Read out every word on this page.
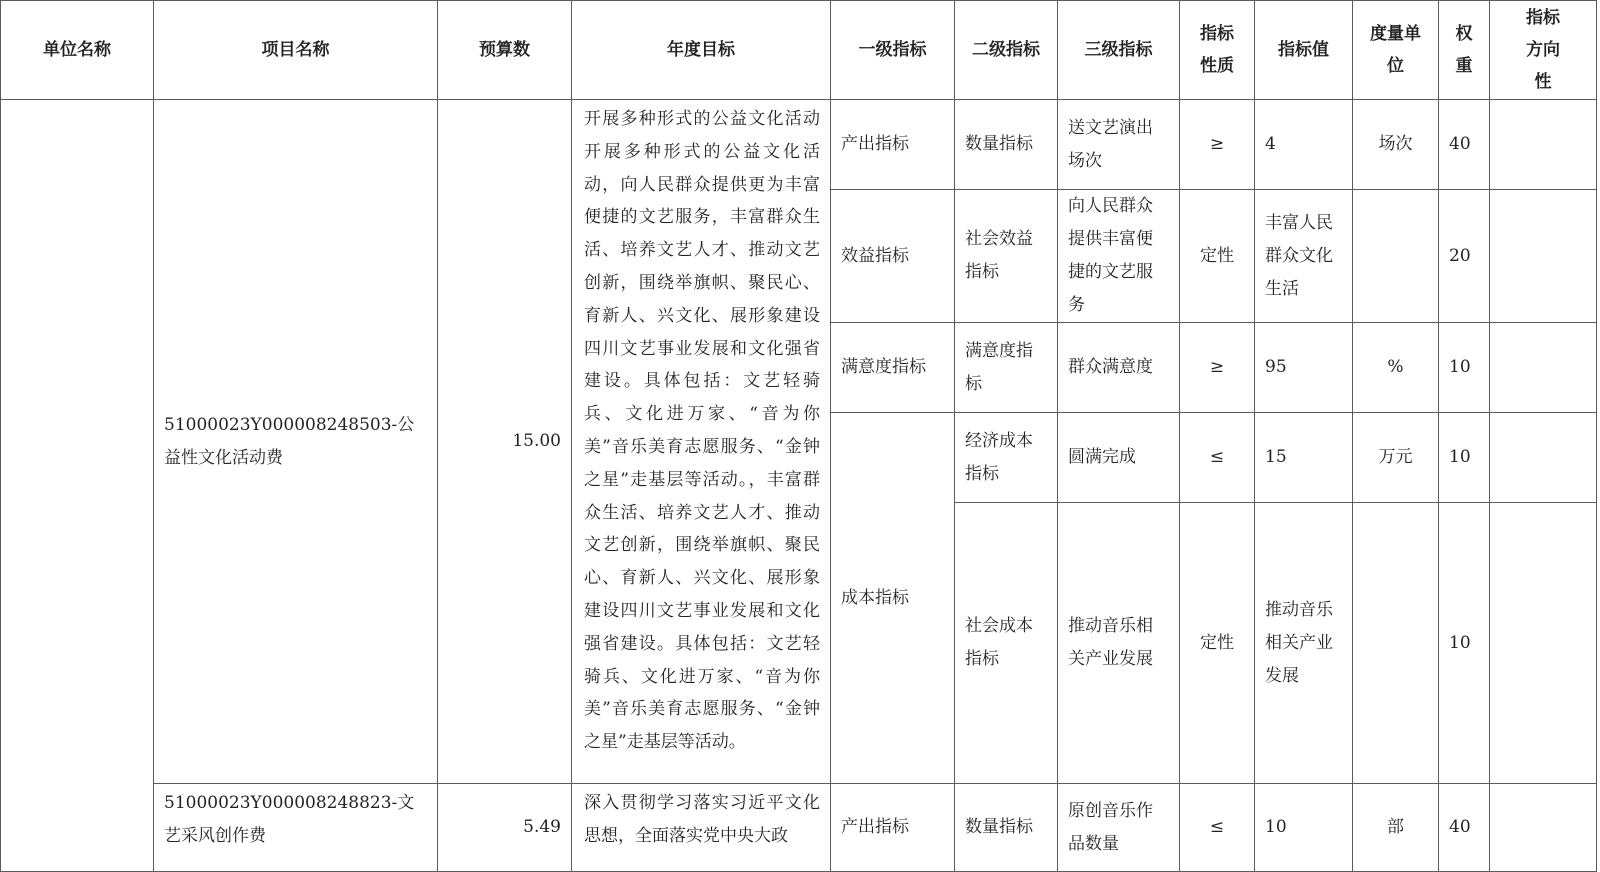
单位名称	项目名称	预算数	年度目标	一级指标	二级指标	三级指标	指标性质	指标值	度量单位	权重	指标方向性
	51000023Y000008248503-公益性文化活动费	15.00	开展多种形式的公益文化活动开展多种形式的公益文化活动，向人民群众提供更为丰富便捷的文艺服务，丰富群众生活、培养文艺人才、推动文艺创新，围绕举旗帜、聚民心、育新人、兴文化、展形象建设四川文艺事业发展和文化强省建设。具体包括：文艺轻骑兵、文化进万家、“音为你美”音乐美育志愿服务、“金钟之星”走基层等活动。，丰富群众生活、培养文艺人才、推动文艺创新，围绕举旗帜、聚民心、育新人、兴文化、展形象建设四川文艺事业发展和文化强省建设。具体包括：文艺轻骑兵、文化进万家、“音为你美”音乐美育志愿服务、“金钟之星”走基层等活动。	产出指标	数量指标	送文艺演出场次	≥	4	场次	40	
				效益指标	社会效益指标	向人民群众提供丰富便捷的文艺服务	定性	丰富人民群众文化生活		20	
				满意度指标	满意度指标	群众满意度	≥	95	%	10	
				成本指标	经济成本指标	圆满完成	≤	15	万元	10	
					社会成本指标	推动音乐相关产业发展	定性	推动音乐相关产业发展		10	
	51000023Y000008248823-文艺采风创作费	5.49	深入贯彻学习落实习近平文化思想，全面落实党中央大政	产出指标	数量指标	原创音乐作品数量	≤	10	部	40	
